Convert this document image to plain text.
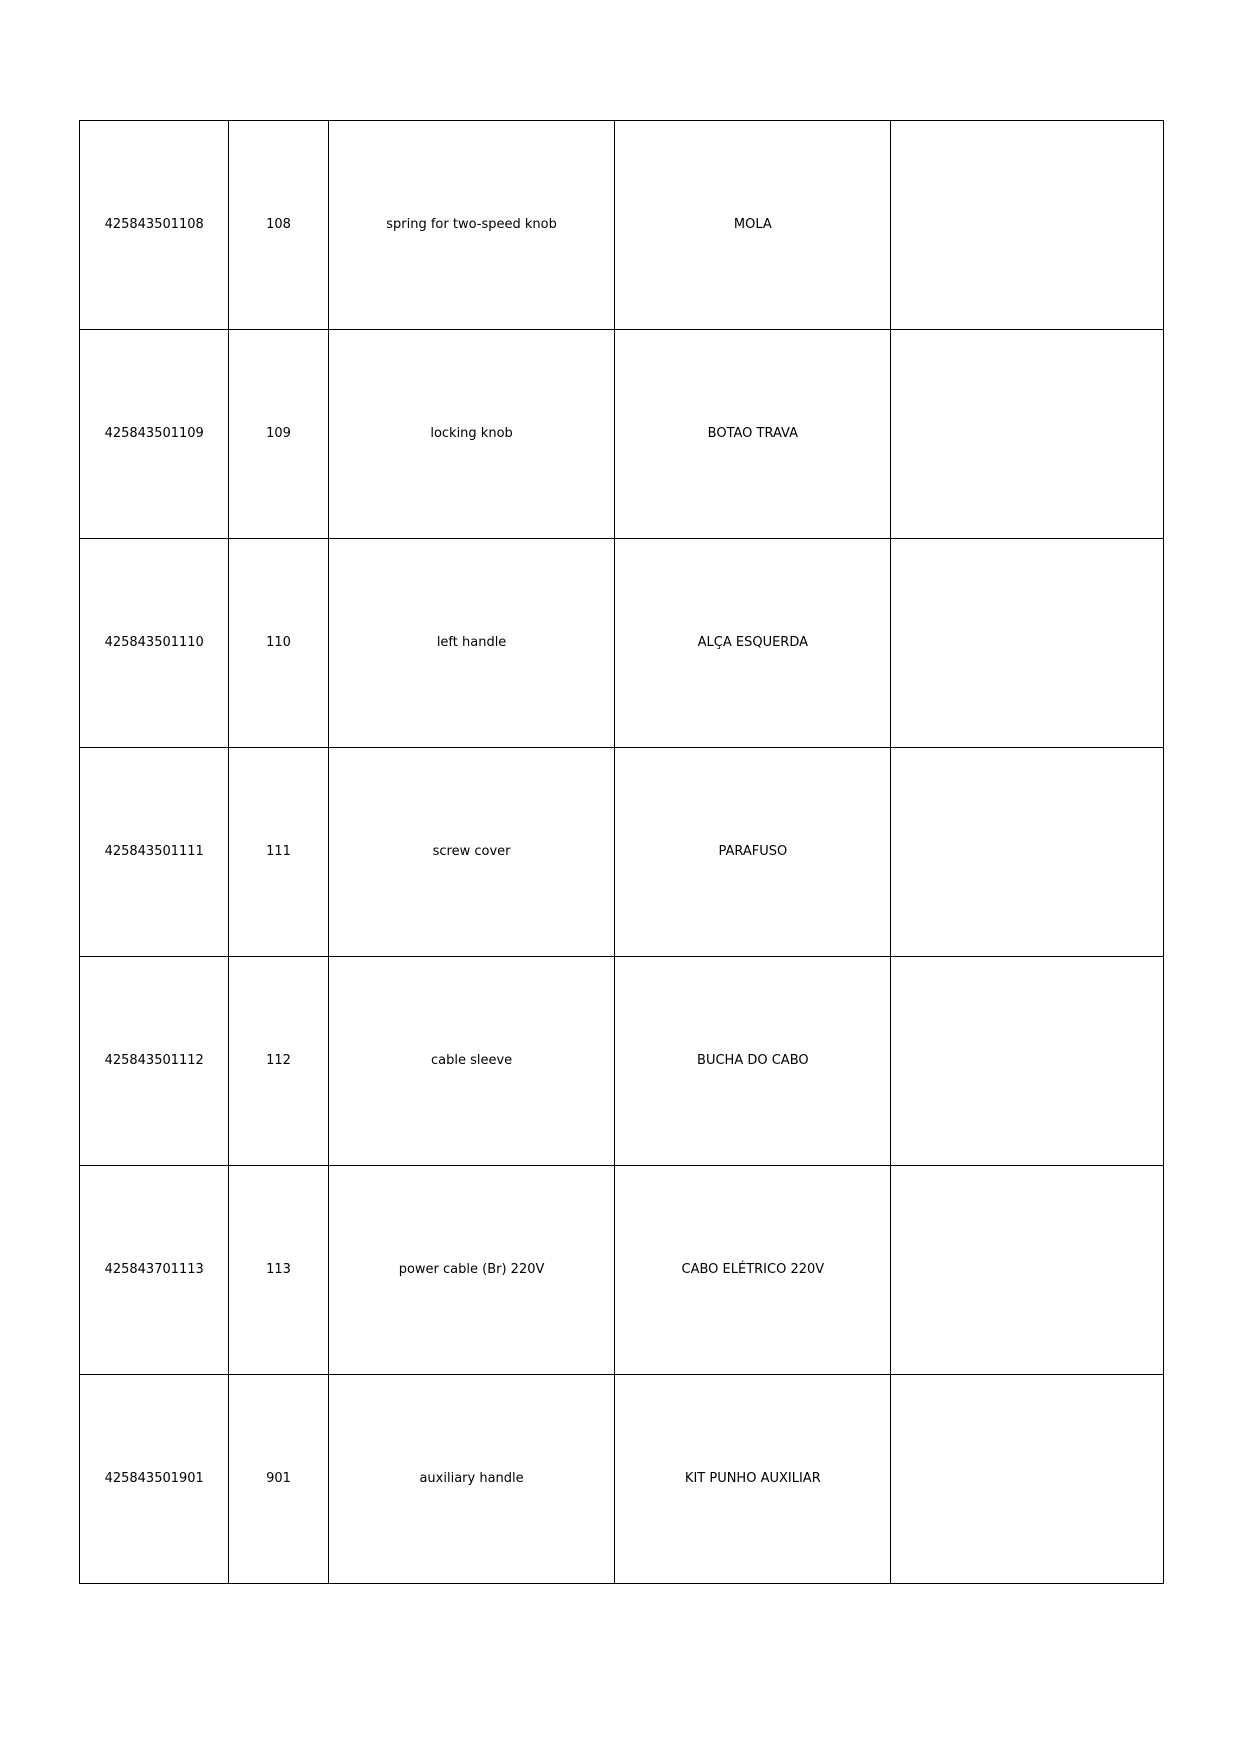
425843501108	108	spring for two-speed knob	MOLA	
425843501109	109	locking knob	BOTAO TRAVA	
425843501110	110	left handle	ALÇA ESQUERDA	
425843501111	111	screw cover	PARAFUSO	
425843501112	112	cable sleeve	BUCHA DO CABO	
425843701113	113	power cable (Br) 220V	CABO ELÉTRICO 220V	
425843501901	901	auxiliary handle	KIT PUNHO AUXILIAR	
